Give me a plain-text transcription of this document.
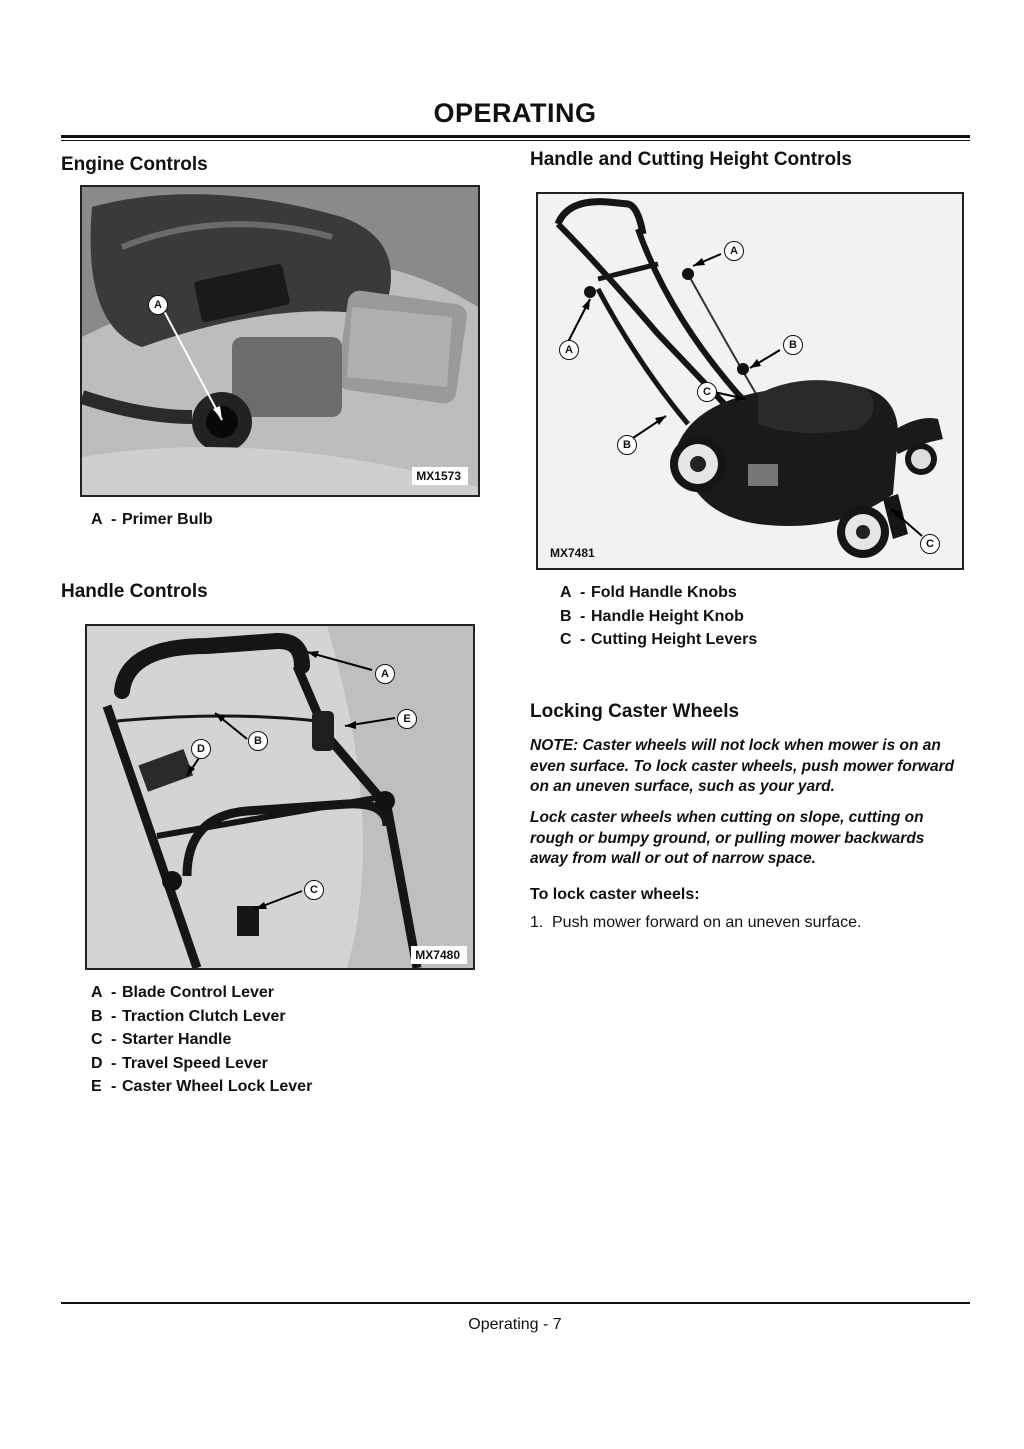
OPERATING
Engine Controls
A
MX1573
A - Primer Bulb
Handle Controls
A
E
B
D
C
MX7480
A - Blade Control Lever
B - Traction Clutch Lever
C - Starter Handle
D - Travel Speed Lever
E - Caster Wheel Lock Lever
Handle and Cutting Height Controls
A
A	B
C
B
C
MX7481
A - Fold Handle Knobs
B - Handle Height Knob
C - Cutting Height Levers
Locking Caster Wheels
NOTE: Caster wheels will not lock when mower is on an even surface. To lock caster wheels, push mower forward on an uneven surface, such as your yard.
Lock caster wheels when cutting on slope, cutting on rough or bumpy ground, or pulling mower backwards away from wall or out of narrow space.
To lock caster wheels:
1. Push mower forward on an uneven surface.
Operating - 7
